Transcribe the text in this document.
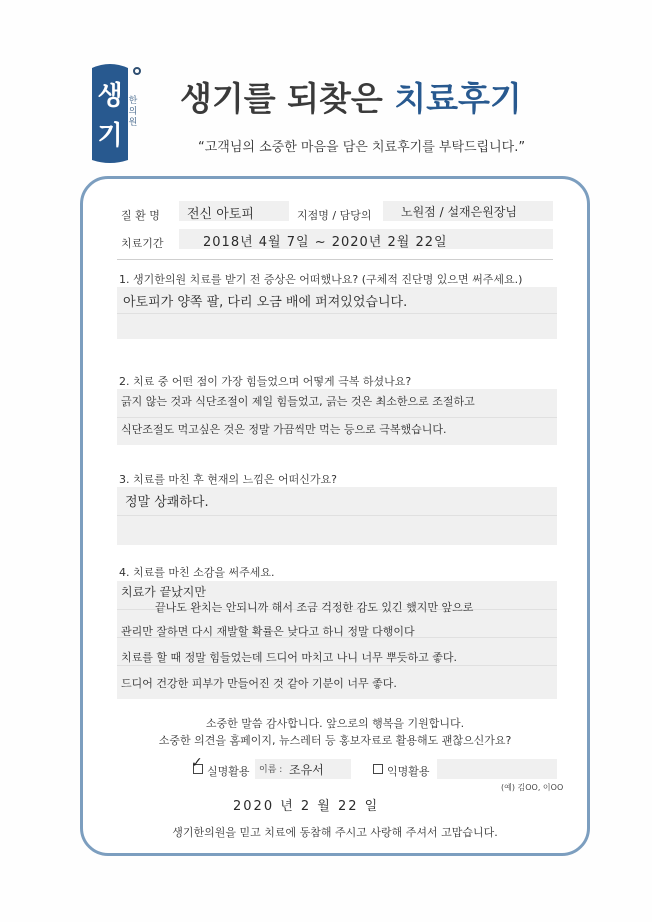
생
기
한의원
생기를 되찾은 치료후기
“고객님의 소중한 마음을 담은 치료후기를 부탁드립니다.”
질 환 명 전신 아토피	지점명 / 담당의 노원점 / 설재은원장님
치료기간	2018년 4월 7일 ~ 2020년 2월 22일
1. 생기한의원 치료를 받기 전 증상은 어떠했나요? (구체적 진단명 있으면 써주세요.)
아토피가 양쪽 팔, 다리 오금 배에 퍼져있었습니다.
2. 치료 중 어떤 점이 가장 힘들었으며 어떻게 극복 하셨나요?
긁지 않는 것과 식단조절이 제일 힘들었고, 긁는 것은 최소한으로 조절하고
식단조절도 먹고싶은 것은 정말 가끔씩만 먹는 등으로 극복했습니다.
3. 치료를 마친 후 현재의 느낌은 어떠신가요?
정말 상쾌하다.
4. 치료를 마친 소감을 써주세요.
치료가 끝났지만
끝나도 완치는 안되니까 해서 조금 걱정한 감도 있긴 했지만 앞으로
관리만 잘하면 다시 재발할 확률은 낮다고 하니 정말 다행이다
치료를 할 때 정말 힘들었는데 드디어 마치고 나니 너무 뿌듯하고 좋다.
드디어 건강한 피부가 만들어진 것 같아 기분이 너무 좋다.
소중한 말씀 감사합니다. 앞으로의 행복을 기원합니다.
소중한 의견을 홈페이지, 뉴스레터 등 홍보자료로 활용해도 괜찮으신가요?
✓
실명활용 이름 : 조유서	익명활용
(예) 김OO, 이OO
2020 년 2 월 22 일
생기한의원을 믿고 치료에 동참해 주시고 사랑해 주셔서 고맙습니다.
